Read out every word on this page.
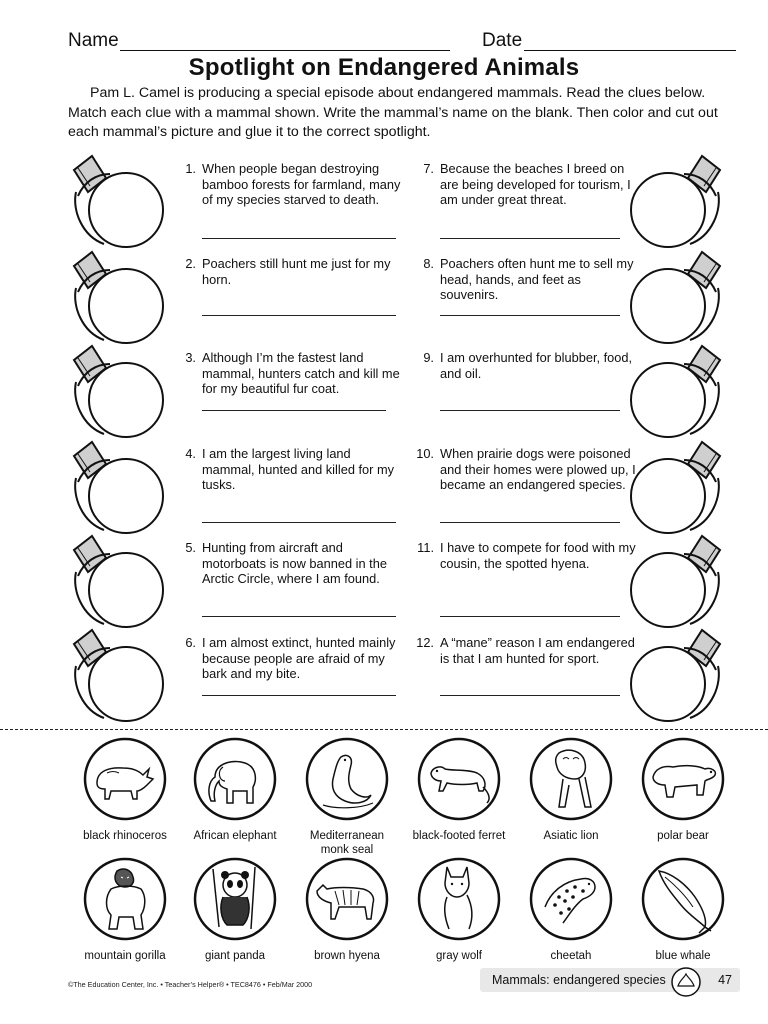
Name	Date
Spotlight on Endangered Animals
Pam L. Camel is producing a special episode about endangered mammals. Read the clues below. Match each clue with a mammal shown. Write the mammal’s name on the blank. Then color and cut out each mammal’s picture and glue it to the correct spotlight.
1. When people began destroying bamboo forests for farmland, many of my species starved to death.
2. Poachers still hunt me just for my horn.
3. Although I’m the fastest land mammal, hunters catch and kill me for my beautiful fur coat.
4. I am the largest living land mammal, hunted and killed for my tusks.
5. Hunting from aircraft and motorboats is now banned in the Arctic Circle, where I am found.
6. I am almost extinct, hunted mainly because people are afraid of my bark and my bite.
7. Because the beaches I breed on are being developed for tourism, I am under great threat.
8. Poachers often hunt me to sell my head, hands, and feet as souvenirs.
9. I am overhunted for blubber, food, and oil.
10. When prairie dogs were poisoned and their homes were plowed up, I became an endangered species.
11. I have to compete for food with my cousin, the spotted hyena.
12. A “mane” reason I am endangered is that I am hunted for sport.
black rhinoceros	African elephant	Mediterranean monk seal
black-footed ferret	Asiatic lion	polar bear
mountain gorilla	giant panda	brown hyena	gray wolf	cheetah	blue whale
©The Education Center, Inc. • Teacher’s Helper® • TEC8476 • Feb/Mar 2000	Mammals: endangered species	47
